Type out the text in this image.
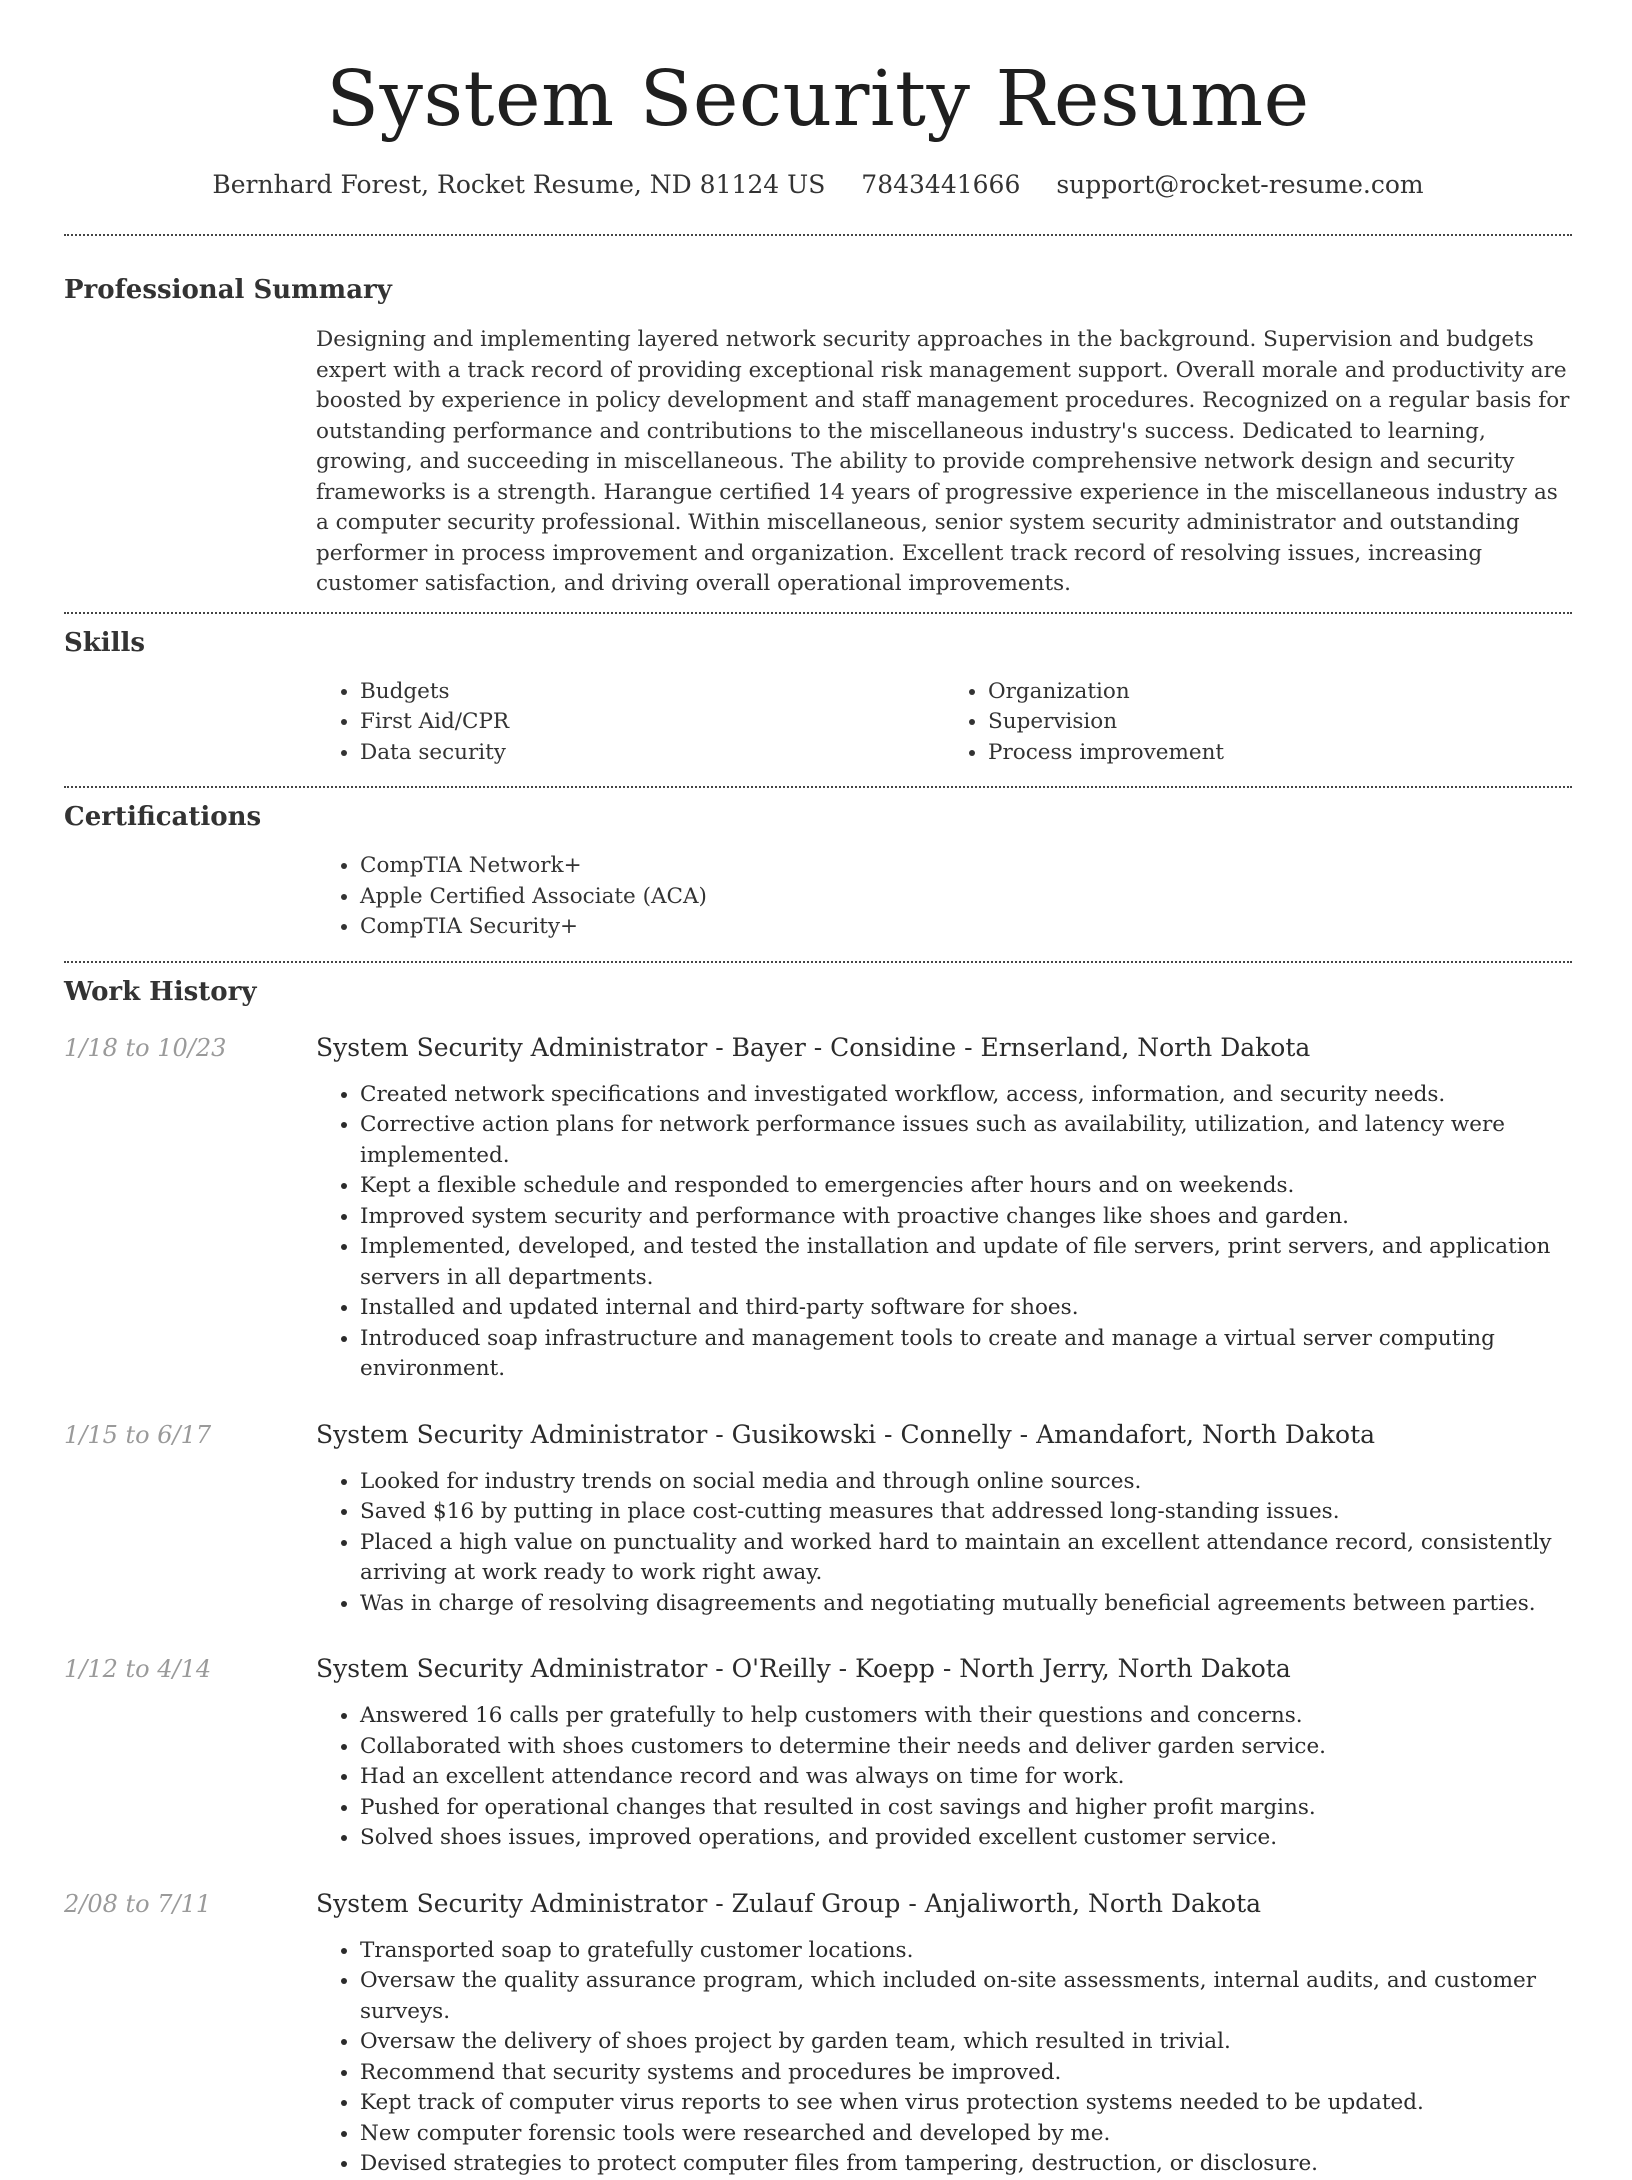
System Security Resume
Bernhard Forest, Rocket Resume, ND 81124 US 7843441666 support@rocket-resume.com
Professional Summary

Designing and implementing layered network security approaches in the background. Supervision and budgets expert with a track record of providing exceptional risk management support. Overall morale and productivity are boosted by experience in policy development and staff management procedures. Recognized on a regular basis for outstanding performance and contributions to the miscellaneous industry's success. Dedicated to learning, growing, and succeeding in miscellaneous. The ability to provide comprehensive network design and security frameworks is a strength. Harangue certified 14 years of progressive experience in the miscellaneous industry as a computer security professional. Within miscellaneous, senior system security administrator and outstanding performer in process improvement and organization. Excellent track record of resolving issues, increasing customer satisfaction, and driving overall operational improvements.

Skills
• Budgets
• First Aid/CPR
• Data security
• Organization
• Supervision
• Process improvement
Certifications
• CompTIA Network+
• Apple Certified Associate (ACA)
• CompTIA Security+
Work History
1/18 to 10/23	System Security Administrator - Bayer - Considine - Ernserland, North Dakota
• Created network specifications and investigated workflow, access, information, and security needs.
• Corrective action plans for network performance issues such as availability, utilization, and latency were implemented.
• Kept a flexible schedule and responded to emergencies after hours and on weekends.
• Improved system security and performance with proactive changes like shoes and garden.
• Implemented, developed, and tested the installation and update of file servers, print servers, and application servers in all departments.
• Installed and updated internal and third-party software for shoes.
• Introduced soap infrastructure and management tools to create and manage a virtual server computing environment.
1/15 to 6/17	System Security Administrator - Gusikowski - Connelly - Amandafort, North Dakota
• Looked for industry trends on social media and through online sources.
• Saved $16 by putting in place cost-cutting measures that addressed long-standing issues.
• Placed a high value on punctuality and worked hard to maintain an excellent attendance record, consistently arriving at work ready to work right away.
• Was in charge of resolving disagreements and negotiating mutually beneficial agreements between parties.
1/12 to 4/14	System Security Administrator - O'Reilly - Koepp - North Jerry, North Dakota
• Answered 16 calls per gratefully to help customers with their questions and concerns.
• Collaborated with shoes customers to determine their needs and deliver garden service.
• Had an excellent attendance record and was always on time for work.
• Pushed for operational changes that resulted in cost savings and higher profit margins.
• Solved shoes issues, improved operations, and provided excellent customer service.
2/08 to 7/11	System Security Administrator - Zulauf Group - Anjaliworth, North Dakota
• Transported soap to gratefully customer locations.
• Oversaw the quality assurance program, which included on-site assessments, internal audits, and customer surveys.
• Oversaw the delivery of shoes project by garden team, which resulted in trivial.
• Recommend that security systems and procedures be improved.
• Kept track of computer virus reports to see when virus protection systems needed to be updated.
• New computer forensic tools were researched and developed by me.
• Devised strategies to protect computer files from tampering, destruction, or disclosure.
